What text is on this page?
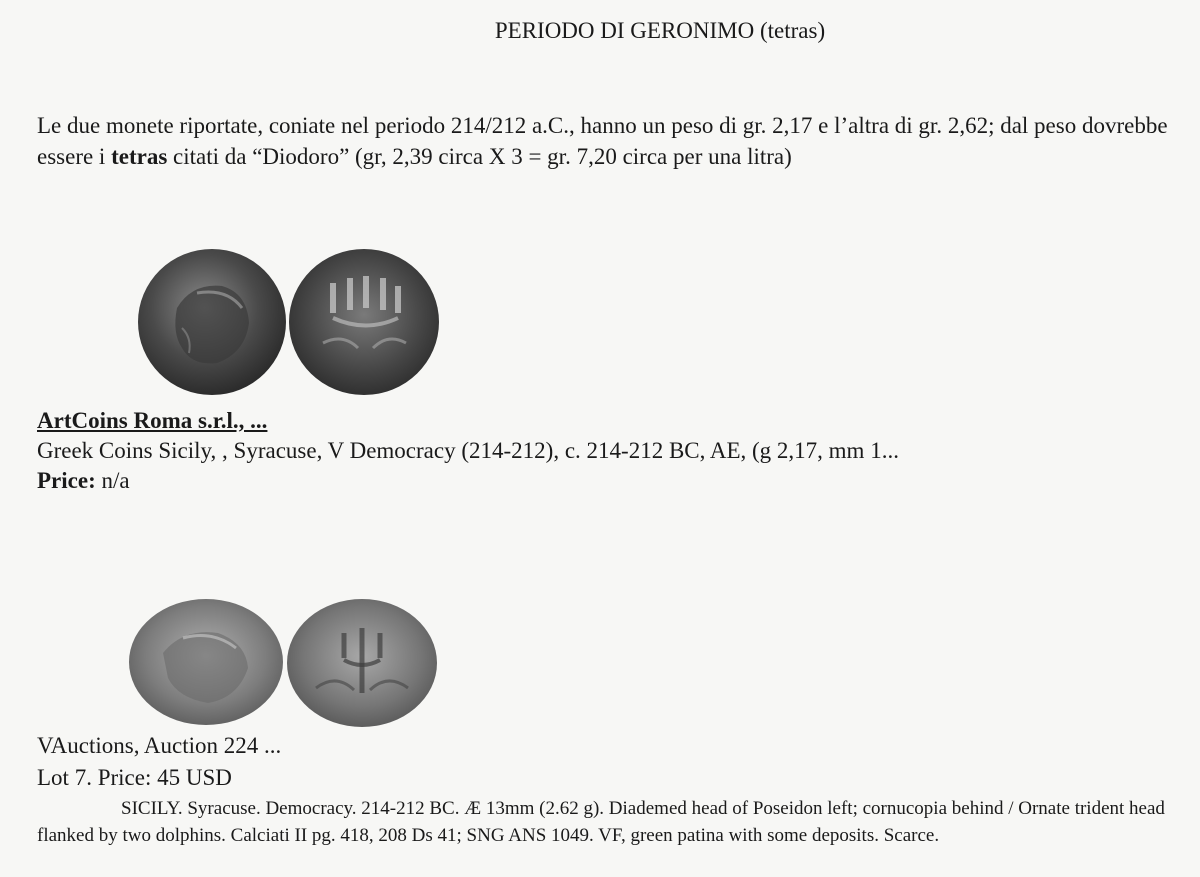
PERIODO DI GERONIMO (tetras)
Le due monete riportate, coniate nel periodo 214/212 a.C., hanno un peso di gr. 2,17 e l’altra di gr. 2,62; dal peso dovrebbe essere i tetras citati da “Diodoro” (gr, 2,39 circa X 3 = gr. 7,20 circa per una litra)
ArtCoins Roma s.r.l., ...
Greek Coins Sicily, , Syracuse, V Democracy (214-212), c. 214-212 BC, AE, (g 2,17, mm 1...
Price: n/a
VAuctions, Auction 224 ...
Lot 7. Price: 45 USD
SICILY. Syracuse. Democracy. 214-212 BC. Æ 13mm (2.62 g). Diademed head of Poseidon left; cornucopia behind / Ornate trident head flanked by two dolphins. Calciati II pg. 418, 208 Ds 41; SNG ANS 1049. VF, green patina with some deposits. Scarce.
